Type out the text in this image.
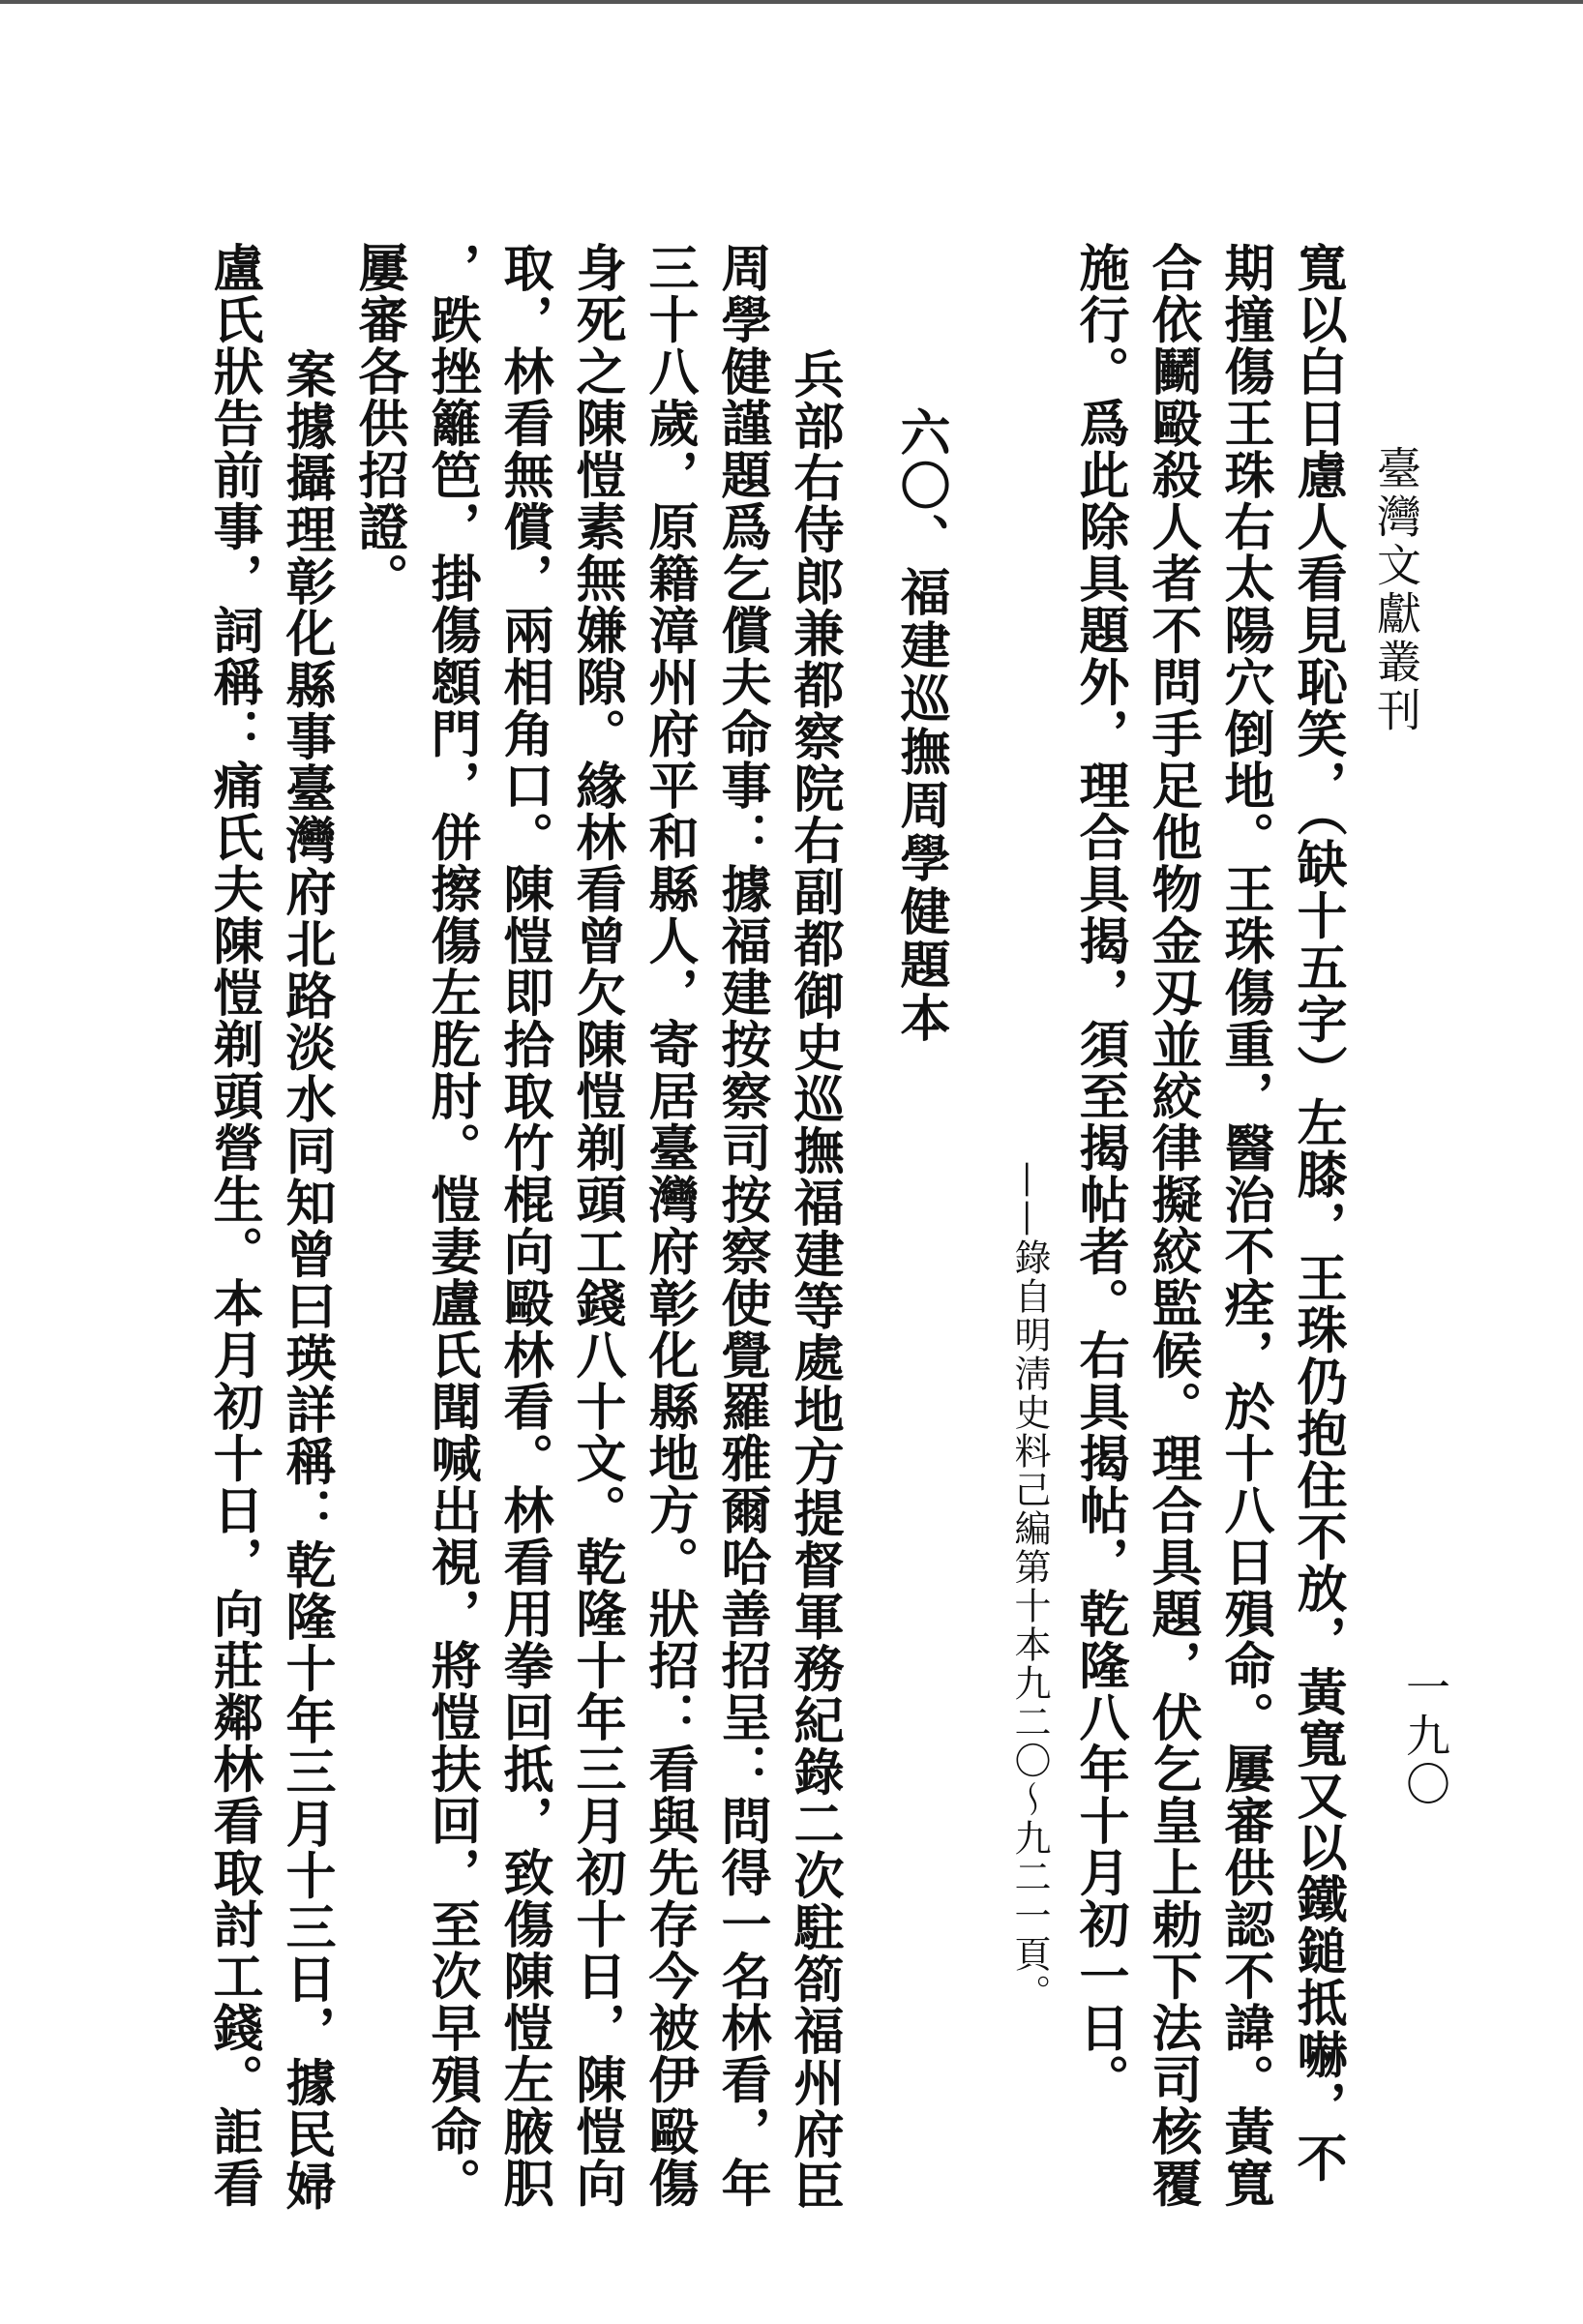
臺灣文獻叢刊
一九〇
寬以白日慮人看見恥笑，（缺十五字）左膝，王珠仍抱住不放，黃寬又以鐵鎚抵嚇，不
期撞傷王珠右太陽穴倒地。王珠傷重，醫治不痊，於十八日殞命。屢審供認不諱。黃寬
合依鬭毆殺人者不問手足他物金刄並絞律擬絞監候。理合具題，伏乞皇上勅下法司核覆
施行。爲此除具題外，理合具揭，須至揭帖者。右具揭帖，乾隆八年十月初一日。
——錄自明淸史料己編第十本九二〇～九二一頁。
六〇、福建巡撫周學健題本
兵部右侍郎兼都察院右副都御史巡撫福建等處地方提督軍務紀錄二次駐箚福州府臣
周學健謹題爲乞償夫命事：據福建按察司按察使覺羅雅爾哈善招呈：問得一名林看，年
三十八歲，原籍漳州府平和縣人，寄居臺灣府彰化縣地方。狀招：看與先存今被伊毆傷
身死之陳愷素無嫌隙。緣林看曾欠陳愷剃頭工錢八十文。乾隆十年三月初十日，陳愷向
取，林看無償，兩相角口。陳愷即拾取竹棍向毆林看。林看用拳回抵，致傷陳愷左腋胑
，跌挫籬笆，掛傷顖門，併擦傷左肐肘。愷妻盧氏聞喊出視，將愷扶回，至次早殞命。
屢審各供招證。
案據攝理彰化縣事臺灣府北路淡水同知曾曰瑛詳稱：乾隆十年三月十三日，據民婦
盧氏狀告前事，詞稱：痛氏夫陳愷剃頭營生。本月初十日，向莊鄰林看取討工錢。詎看
